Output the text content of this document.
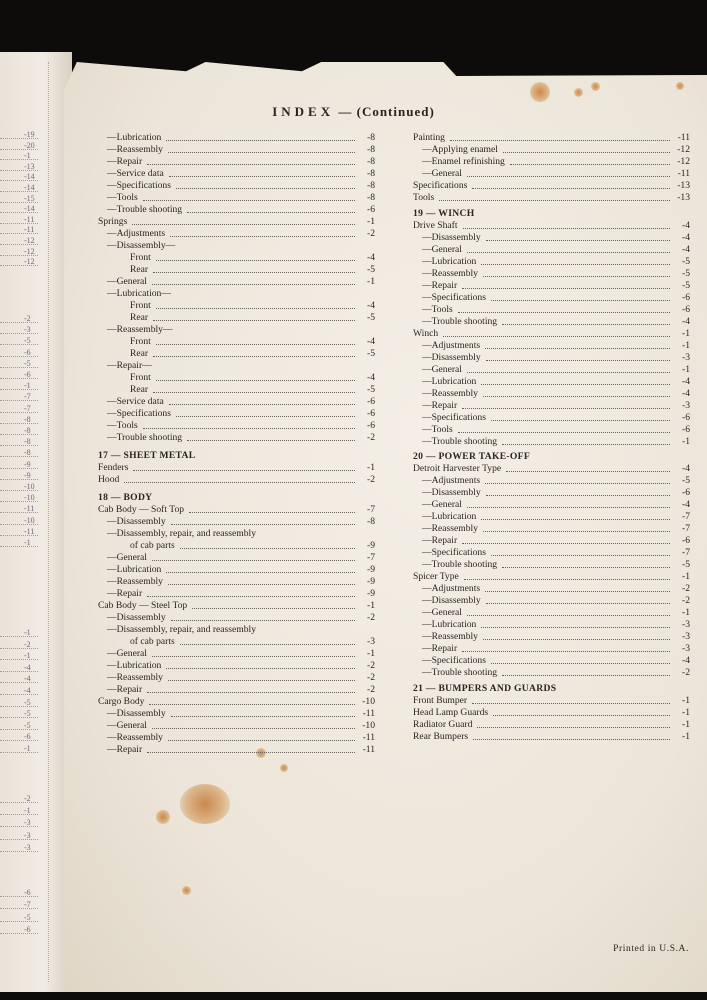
-19
-20
-1
-13
-14
-14
-15
-14
-11
-11
-12
-12
-12
-2
-3
-5
-6
-5
-6
-1
-7
-7
-8
-8
-8
-8
-9
-9
-10
-10
-11
-10
-11
-1
-1
-2
-1
-4
-4
-4
-5
-5
-5
-6
-1
-2
-1
-3
-3
-3
-6
-7
-5
-6
INDEX — (Continued)
—Lubrication	-8
—Reassembly	-8
—Repair	-8
—Service data	-8
—Specifications	-8
—Tools	-8
—Trouble shooting	-6
Springs	-1
—Adjustments	-2
—Disassembly—
Front	-4
Rear	-5
—General	-1
—Lubrication—
Front	-4
Rear	-5
—Reassembly—
Front	-4
Rear	-5
—Repair—
Front	-4
Rear	-5
—Service data	-6
—Specifications	-6
—Tools	-6
—Trouble shooting	-2
17 — SHEET METAL
Fenders	-1
Hood	-2
18 — BODY
Cab Body — Soft Top	-7
—Disassembly	-8
—Disassembly, repair, and reassembly
of cab parts	-9
—General	-7
—Lubrication	-9
—Reassembly	-9
—Repair	-9
Cab Body — Steel Top	-1
—Disassembly	-2
—Disassembly, repair, and reassembly
of cab parts	-3
—General	-1
—Lubrication	-2
—Reassembly	-2
—Repair	-2
Cargo Body	-10
—Disassembly	-11
—General	-10
—Reassembly	-11
—Repair	-11
Painting	-11
—Applying enamel	-12
—Enamel refinishing	-12
—General	-11
Specifications	-13
Tools	-13
19 — WINCH
Drive Shaft	-4
—Disassembly	-4
—General	-4
—Lubrication	-5
—Reassembly	-5
—Repair	-5
—Specifications	-6
—Tools	-6
—Trouble shooting	-4
Winch	-1
—Adjustments	-1
—Disassembly	-3
—General	-1
—Lubrication	-4
—Reassembly	-4
—Repair	-3
—Specifications	-6
—Tools	-6
—Trouble shooting	-1
20 — POWER TAKE-OFF
Detroit Harvester Type	-4
—Adjustments	-5
—Disassembly	-6
—General	-4
—Lubrication	-7
—Reassembly	-7
—Repair	-6
—Specifications	-7
—Trouble shooting	-5
Spicer Type	-1
—Adjustments	-2
—Disassembly	-2
—General	-1
—Lubrication	-3
—Reassembly	-3
—Repair	-3
—Specifications	-4
—Trouble shooting	-2
21 — BUMPERS AND GUARDS
Front Bumper	-1
Head Lamp Guards	-1
Radiator Guard	-1
Rear Bumpers	-1
Printed in U.S.A.
